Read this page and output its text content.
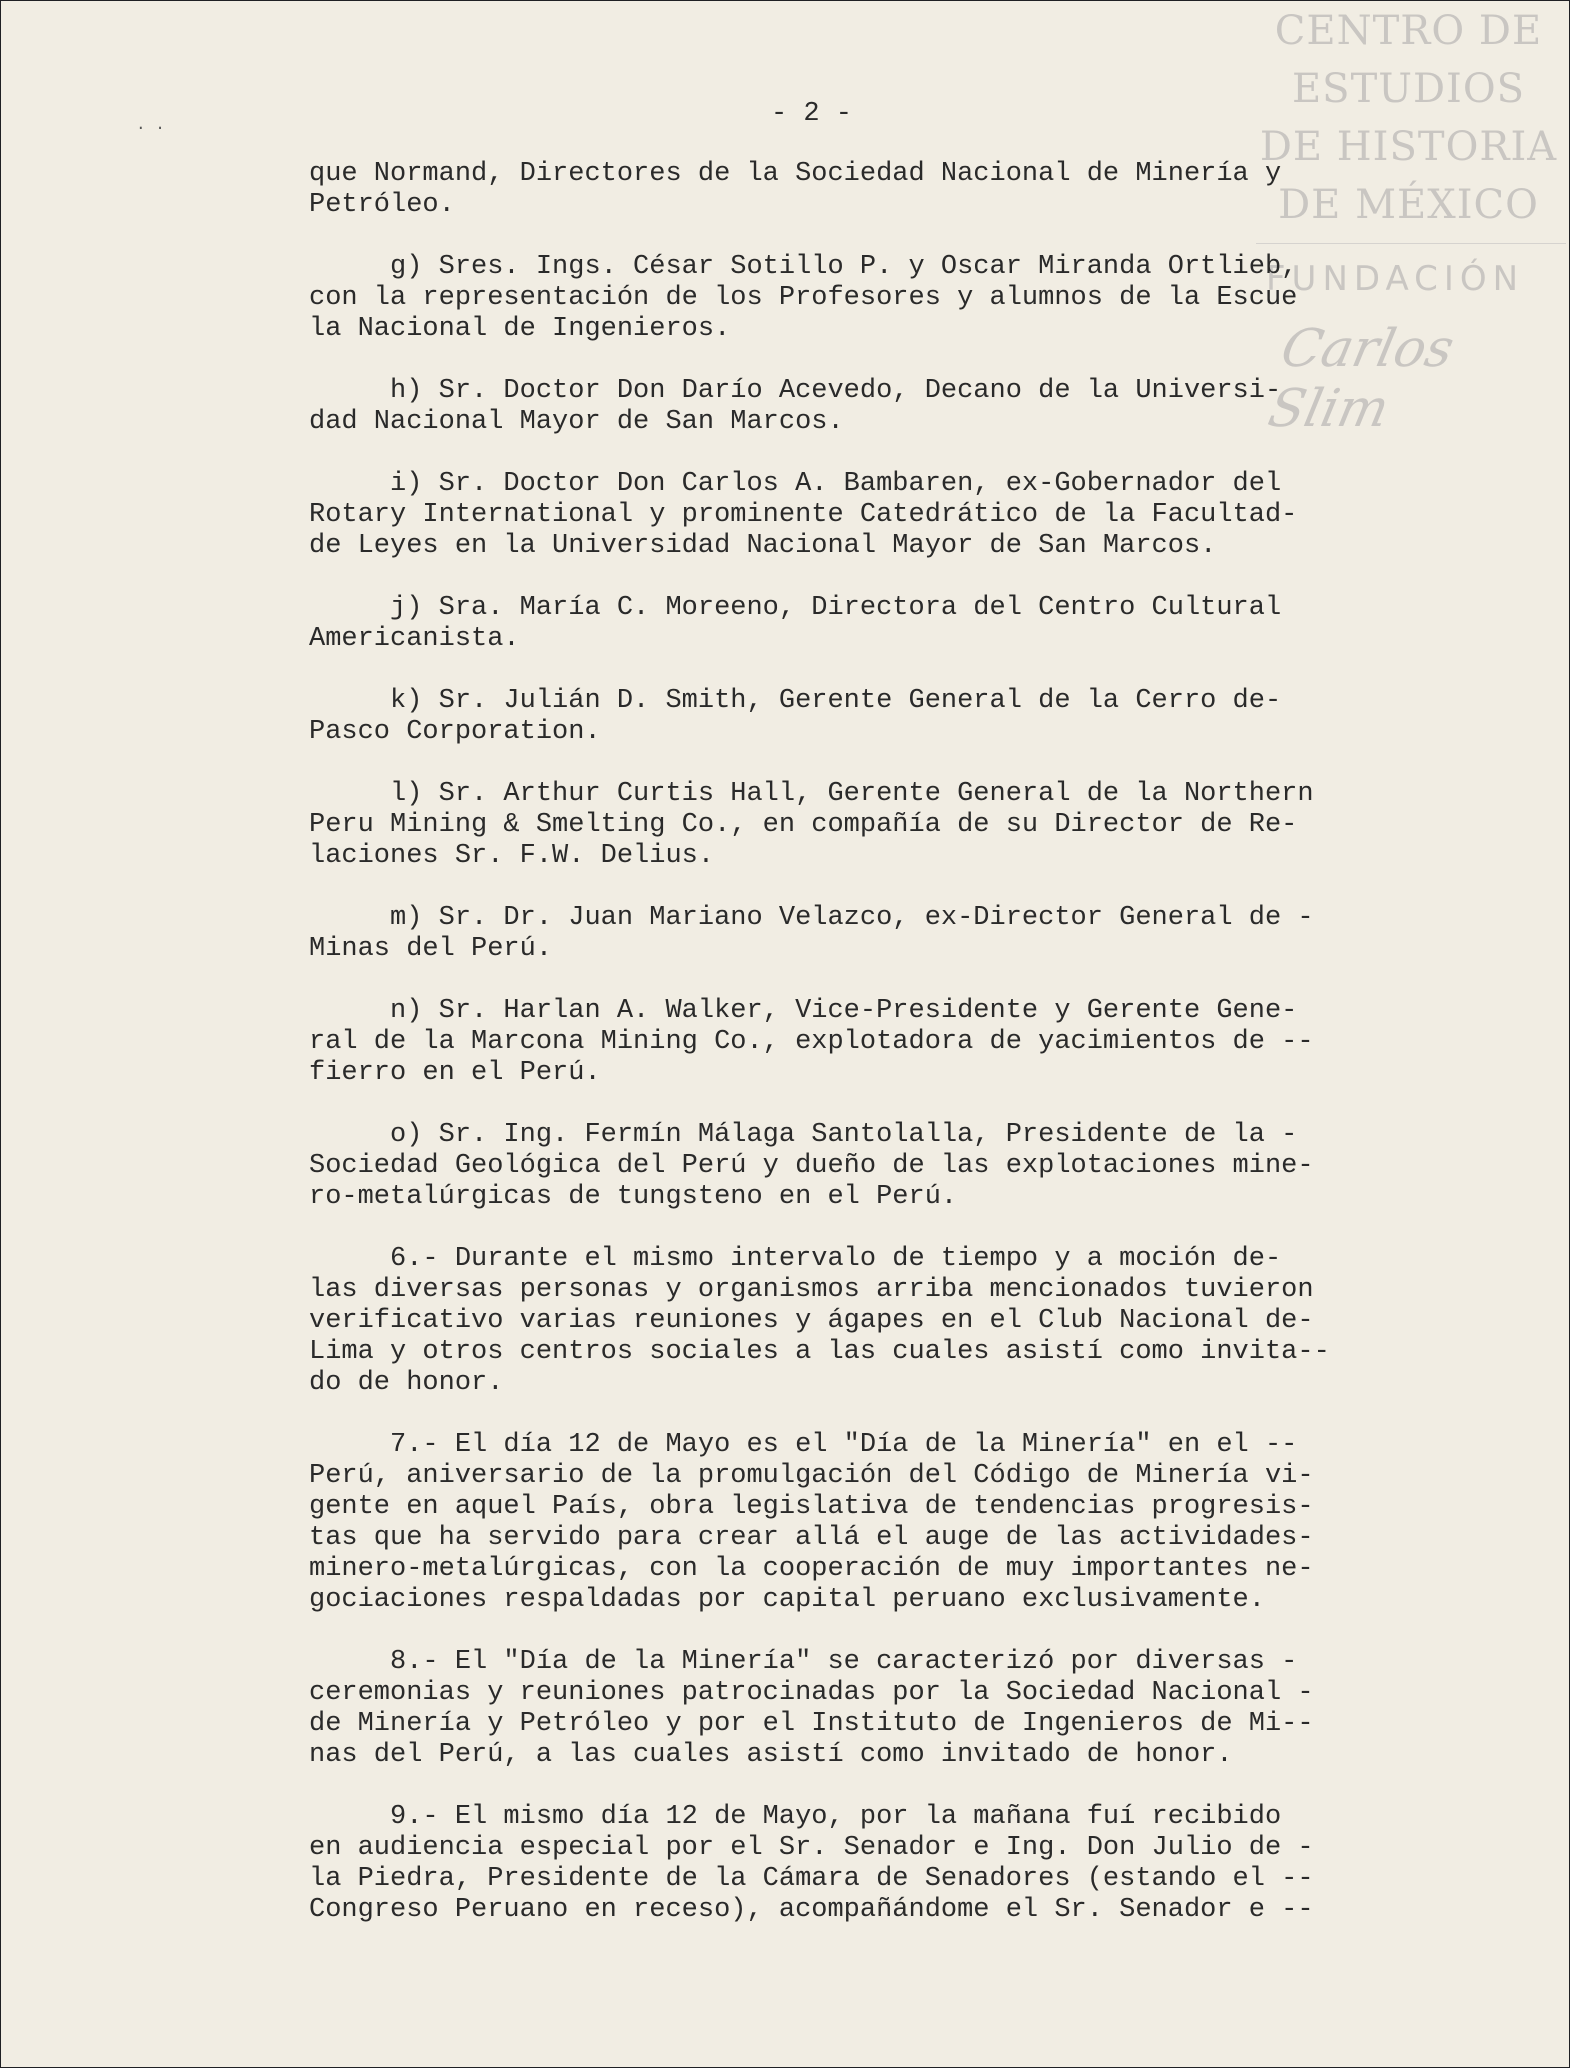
CENTRO DE
ESTUDIOS
DE HISTORIA
DE MÉXICO
FUNDACIÓN
Carlos Slim
· ·	- 2 -
que Normand, Directores de la Sociedad Nacional de Minería y
Petróleo.
g) Sres. Ings. César Sotillo P. y Oscar Miranda Ortlieb,
con la representación de los Profesores y alumnos de la Escue
la Nacional de Ingenieros.
h) Sr. Doctor Don Darío Acevedo, Decano de la Universi-
dad Nacional Mayor de San Marcos.
i) Sr. Doctor Don Carlos A. Bambaren, ex-Gobernador del
Rotary International y prominente Catedrático de la Facultad-
de Leyes en la Universidad Nacional Mayor de San Marcos.
j) Sra. María C. Moreeno, Directora del Centro Cultural
Americanista.
k) Sr. Julián D. Smith, Gerente General de la Cerro de-
Pasco Corporation.
l) Sr. Arthur Curtis Hall, Gerente General de la Northern
Peru Mining & Smelting Co., en compañía de su Director de Re-
laciones Sr. F.W. Delius.
m) Sr. Dr. Juan Mariano Velazco, ex-Director General de -
Minas del Perú.
n) Sr. Harlan A. Walker, Vice-Presidente y Gerente Gene-
ral de la Marcona Mining Co., explotadora de yacimientos de --
fierro en el Perú.
o) Sr. Ing. Fermín Málaga Santolalla, Presidente de la -
Sociedad Geológica del Perú y dueño de las explotaciones mine-
ro-metalúrgicas de tungsteno en el Perú.
6.- Durante el mismo intervalo de tiempo y a moción de-
las diversas personas y organismos arriba mencionados tuvieron
verificativo varias reuniones y ágapes en el Club Nacional de-
Lima y otros centros sociales a las cuales asistí como invita--
do de honor.
7.- El día 12 de Mayo es el "Día de la Minería" en el --
Perú, aniversario de la promulgación del Código de Minería vi-
gente en aquel País, obra legislativa de tendencias progresis-
tas que ha servido para crear allá el auge de las actividades-
minero-metalúrgicas, con la cooperación de muy importantes ne-
gociaciones respaldadas por capital peruano exclusivamente.
8.- El "Día de la Minería" se caracterizó por diversas -
ceremonias y reuniones patrocinadas por la Sociedad Nacional -
de Minería y Petróleo y por el Instituto de Ingenieros de Mi--
nas del Perú, a las cuales asistí como invitado de honor.
9.- El mismo día 12 de Mayo, por la mañana fuí recibido
en audiencia especial por el Sr. Senador e Ing. Don Julio de -
la Piedra, Presidente de la Cámara de Senadores (estando el --
Congreso Peruano en receso), acompañándome el Sr. Senador e --
